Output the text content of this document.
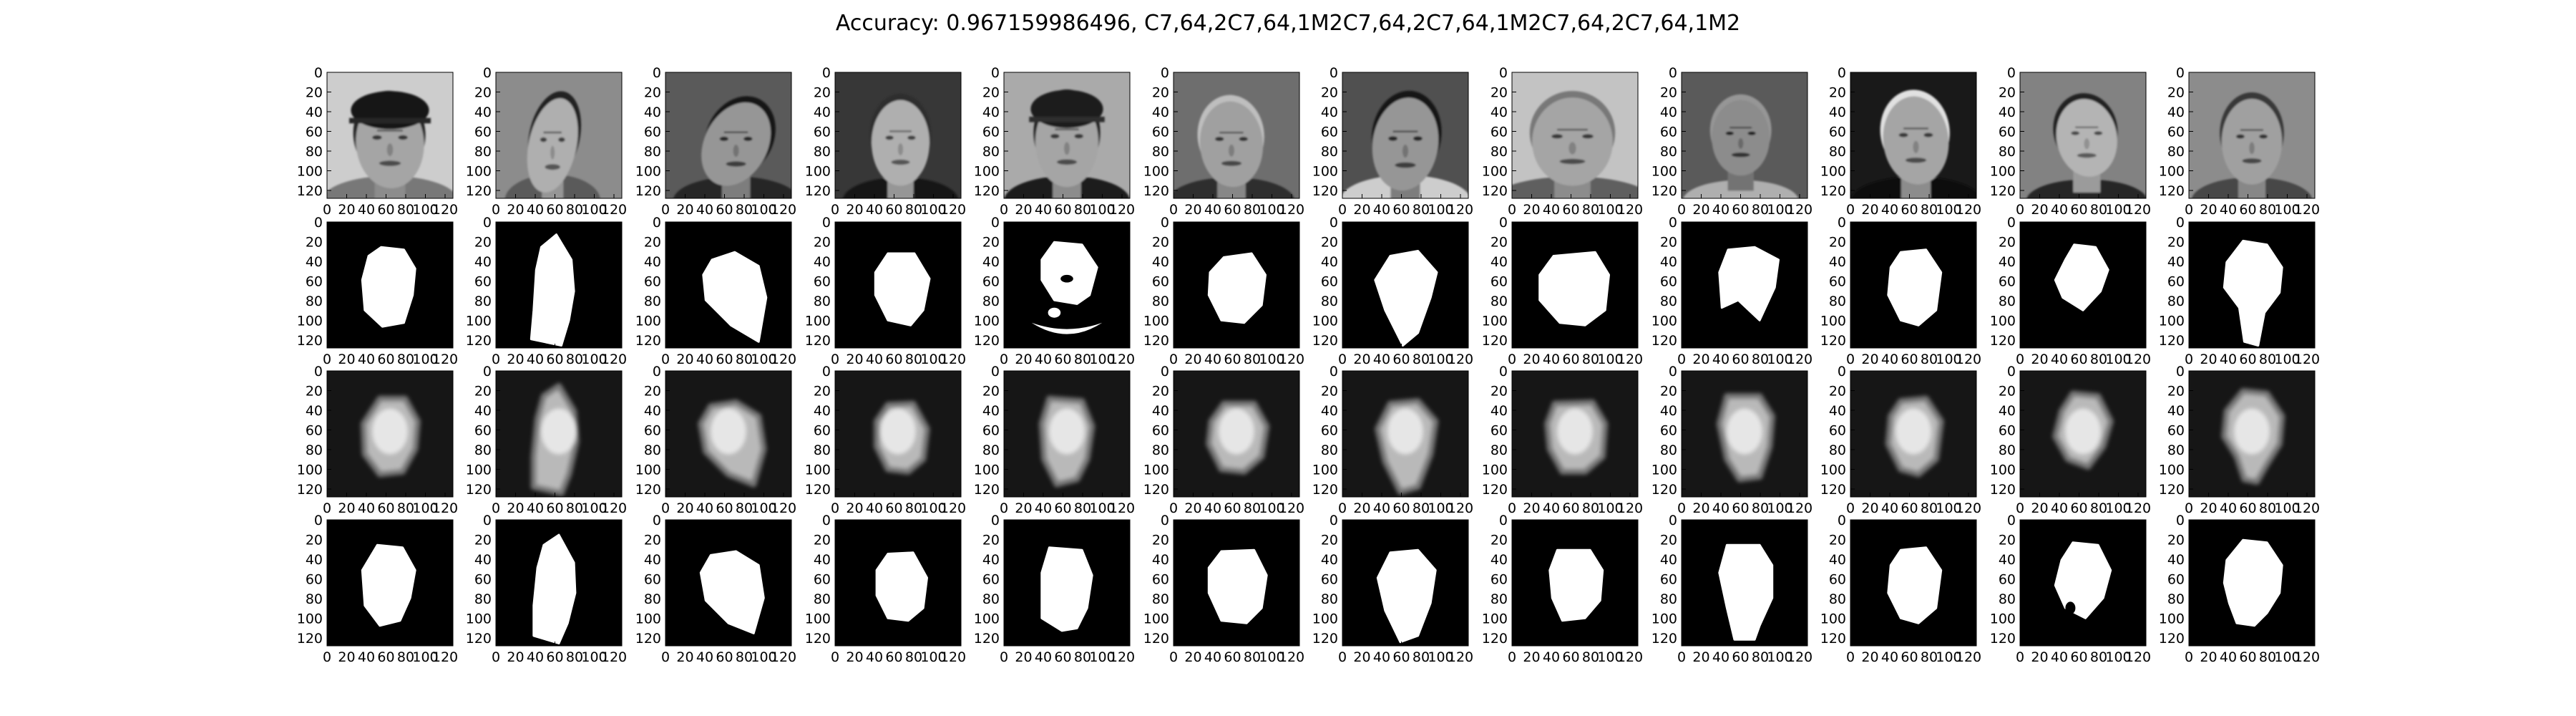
Accuracy: 0.967159986496, C7,64,2C7,64,1M2C7,64,2C7,64,1M2C7,64,2C7,64,1M2
0 20 40 60 80
100
120
0
20
40
60
80
100
120
0 20 40 60 80
100
120
0
20
40
60
80
100
120
0 20 40 60 80
100
120
0
20
40
60
80
100
120
0 20 40 60 80
100
120
0
20
40
60
80
100
120
0 20 40 60 80
100
120
0
20
40
60
80
100
120
0 20 40 60 80
100
120
0
20
40
60
80
100
120
0 20 40 60 80
100
120
0
20
40
60
80
100
120
0 20 40 60 80
100
120
0
20
40
60
80
100
120
0 20 40 60 80
100
120
0
20
40
60
80
100
120
0 20 40 60 80
100
120
0
20
40
60
80
100
120
0 20 40 60 80
100
120
0
20
40
60
80
100
120
0 20 40 60 80
100
120
0
20
40
60
80
100
120
0 20 40 60 80
100
120
0
20
40
60
80
100
120
0 20 40 60 80
100
120
0
20
40
60
80
100
120
0 20 40 60 80
100
120
0
20
40
60
80
100
120
0 20 40 60 80
100
120
0
20
40
60
80
100
120
0 20 40 60 80
100
120
0
20
40
60
80
100
120
0 20 40 60 80
100
120
0
20
40
60
80
100
120
0 20 40 60 80
100
120
0
20
40
60
80
100
120
0 20 40 60 80
100
120
0
20
40
60
80
100
120
0 20 40 60 80
100
120
0
20
40
60
80
100
120
0 20 40 60 80
100
120
0
20
40
60
80
100
120
0 20 40 60 80
100
120
0
20
40
60
80
100
120
0 20 40 60 80
100
120
0
20
40
60
80
100
120
0 20 40 60 80
100
120
0
20
40
60
80
100
120
0 20 40 60 80
100
120
0
20
40
60
80
100
120
0 20 40 60 80
100
120
0
20
40
60
80
100
120
0 20 40 60 80
100
120
0
20
40
60
80
100
120
0 20 40 60 80
100
120
0
20
40
60
80
100
120
0 20 40 60 80
100
120
0
20
40
60
80
100
120
0 20 40 60 80
100
120
0
20
40
60
80
100
120
0 20 40 60 80
100
120
0
20
40
60
80
100
120
0 20 40 60 80
100
120
0
20
40
60
80
100
120
0 20 40 60 80
100
120
0
20
40
60
80
100
120
0 20 40 60 80
100
120
0
20
40
60
80
100
120
0 20 40 60 80
100
120
0
20
40
60
80
100
120
0 20 40 60 80
100
120
0
20
40
60
80
100
120
0 20 40 60 80
100
120
0
20
40
60
80
100
120
0 20 40 60 80
100
120
0
20
40
60
80
100
120
0 20 40 60 80
100
120
0
20
40
60
80
100
120
0 20 40 60 80
100
120
0
20
40
60
80
100
120
0 20 40 60 80
100
120
0
20
40
60
80
100
120
0 20 40 60 80
100
120
0
20
40
60
80
100
120
0 20 40 60 80
100
120
0
20
40
60
80
100
120
0 20 40 60 80
100
120
0
20
40
60
80
100
120
0 20 40 60 80
100
120
0
20
40
60
80
100
120
0 20 40 60 80
100
120
0
20
40
60
80
100
120
0 20 40 60 80
100
120
0
20
40
60
80
100
120
